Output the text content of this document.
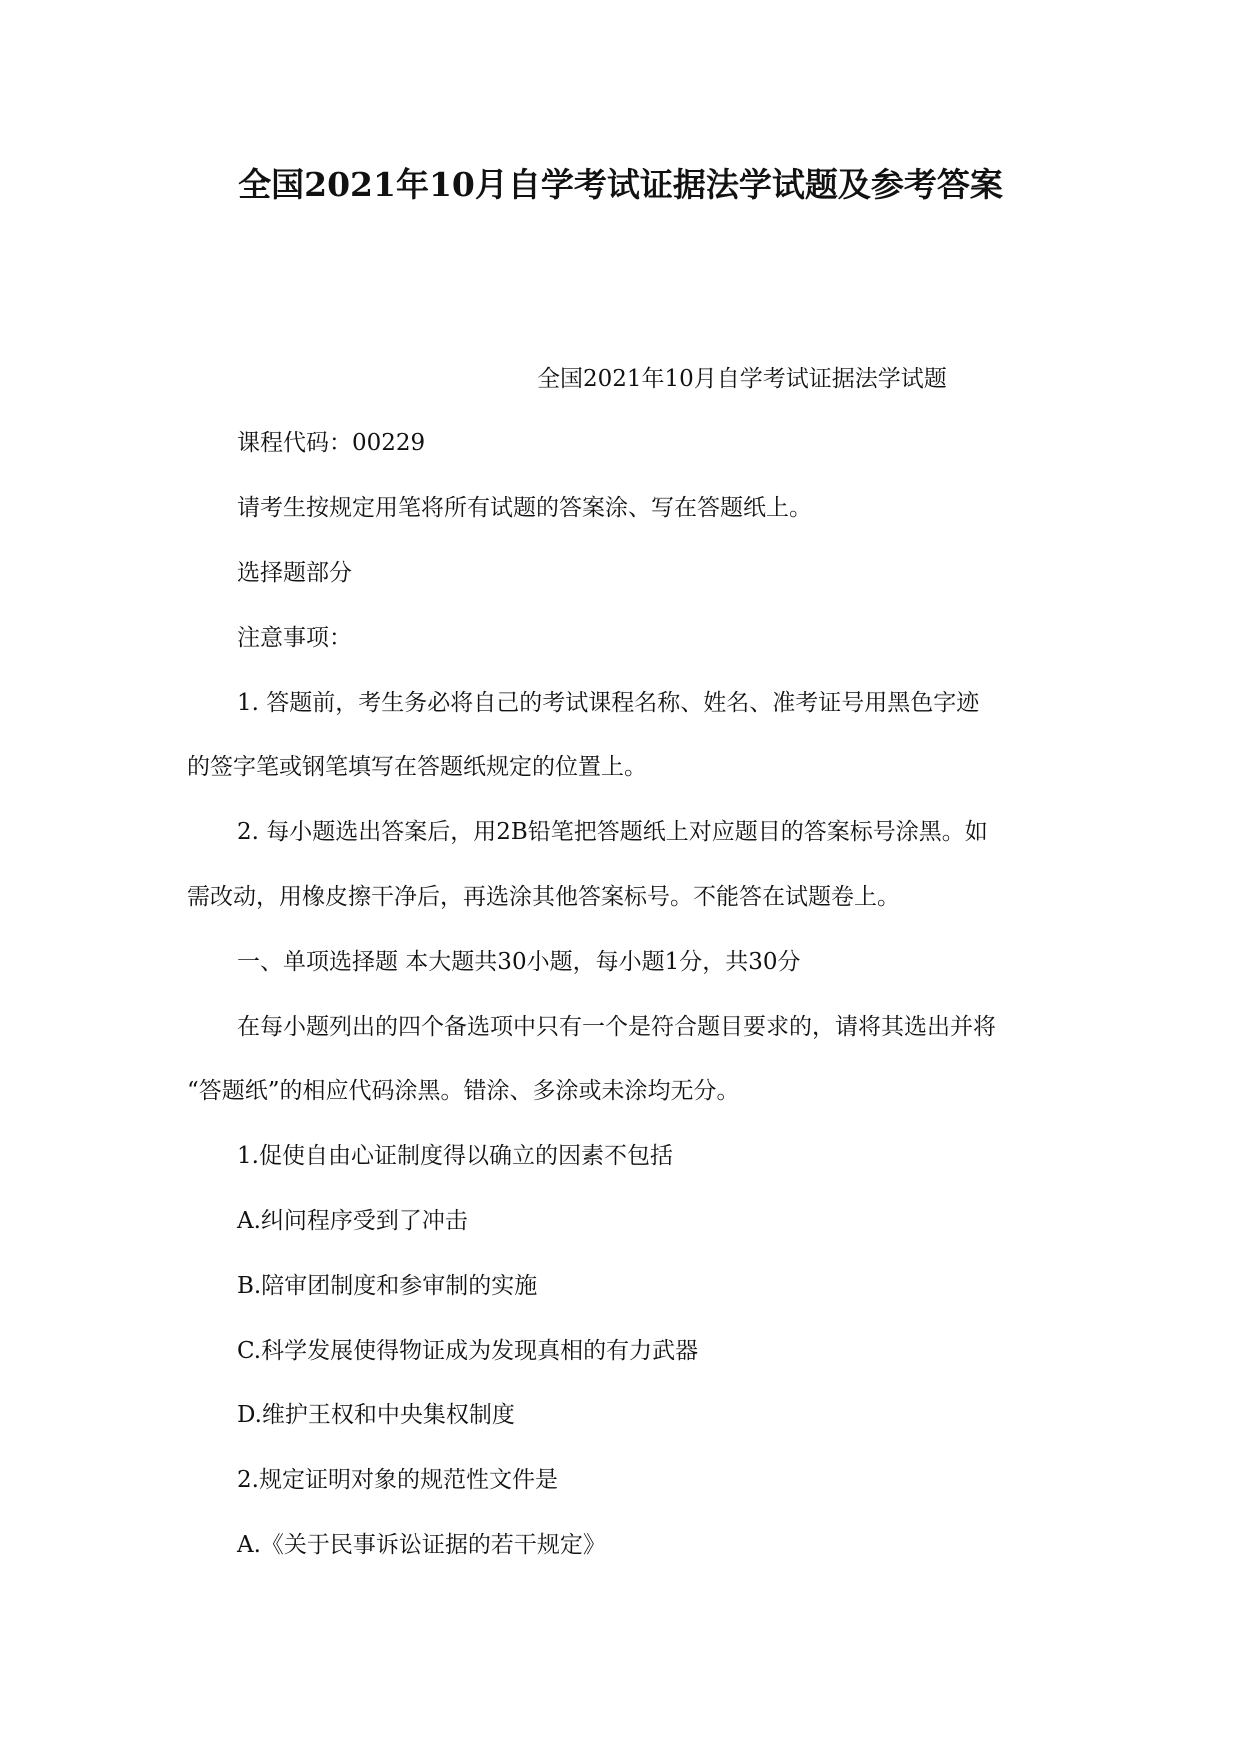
全国2021年10月自学考试证据法学试题及参考答案
全国2021年10月自学考试证据法学试题
课程代码：00229
请考生按规定用笔将所有试题的答案涂、写在答题纸上。
选择题部分
注意事项：
1. 答题前，考生务必将自己的考试课程名称、姓名、准考证号用黑色字迹
的签字笔或钢笔填写在答题纸规定的位置上。
2. 每小题选出答案后，用2B铅笔把答题纸上对应题目的答案标号涂黑。如
需改动，用橡皮擦干净后，再选涂其他答案标号。不能答在试题卷上。
一、单项选择题 本大题共30小题，每小题1分，共30分
在每小题列出的四个备选项中只有一个是符合题目要求的，请将其选出并将
“答题纸”的相应代码涂黑。错涂、多涂或未涂均无分。
1.促使自由心证制度得以确立的因素不包括
A.纠问程序受到了冲击
B.陪审团制度和参审制的实施
C.科学发展使得物证成为发现真相的有力武器
D.维护王权和中央集权制度
2.规定证明对象的规范性文件是
A.《关于民事诉讼证据的若干规定》
